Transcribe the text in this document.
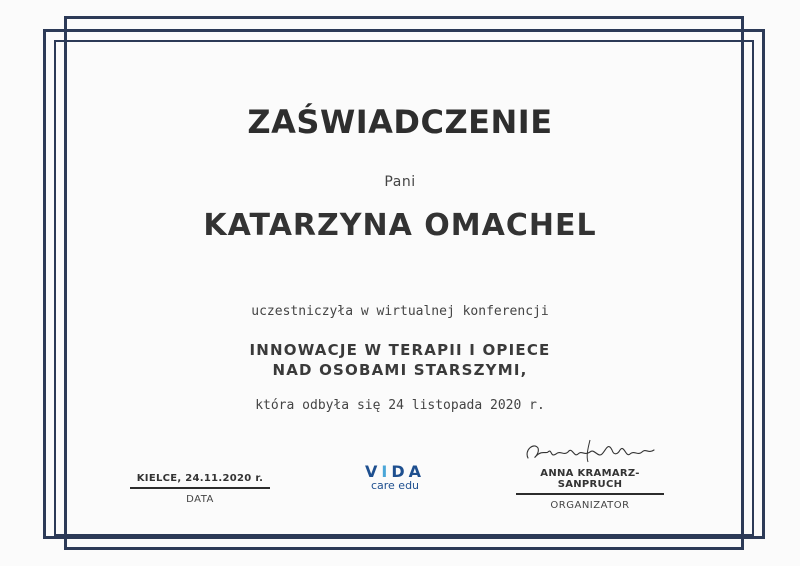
ZAŚWIADCZENIE
Pani
KATARZYNA OMACHEL
uczestniczyła w wirtualnej konferencji
INNOWACJE W TERAPII I OPIECE
NAD OSOBAMI STARSZYMI,
która odbyła się 24 listopada 2020 r.
KIELCE, 24.11.2020 r.
DATA
VIDA
care edu
ANNA KRAMARZ-SANPRUCH
ORGANIZATOR
